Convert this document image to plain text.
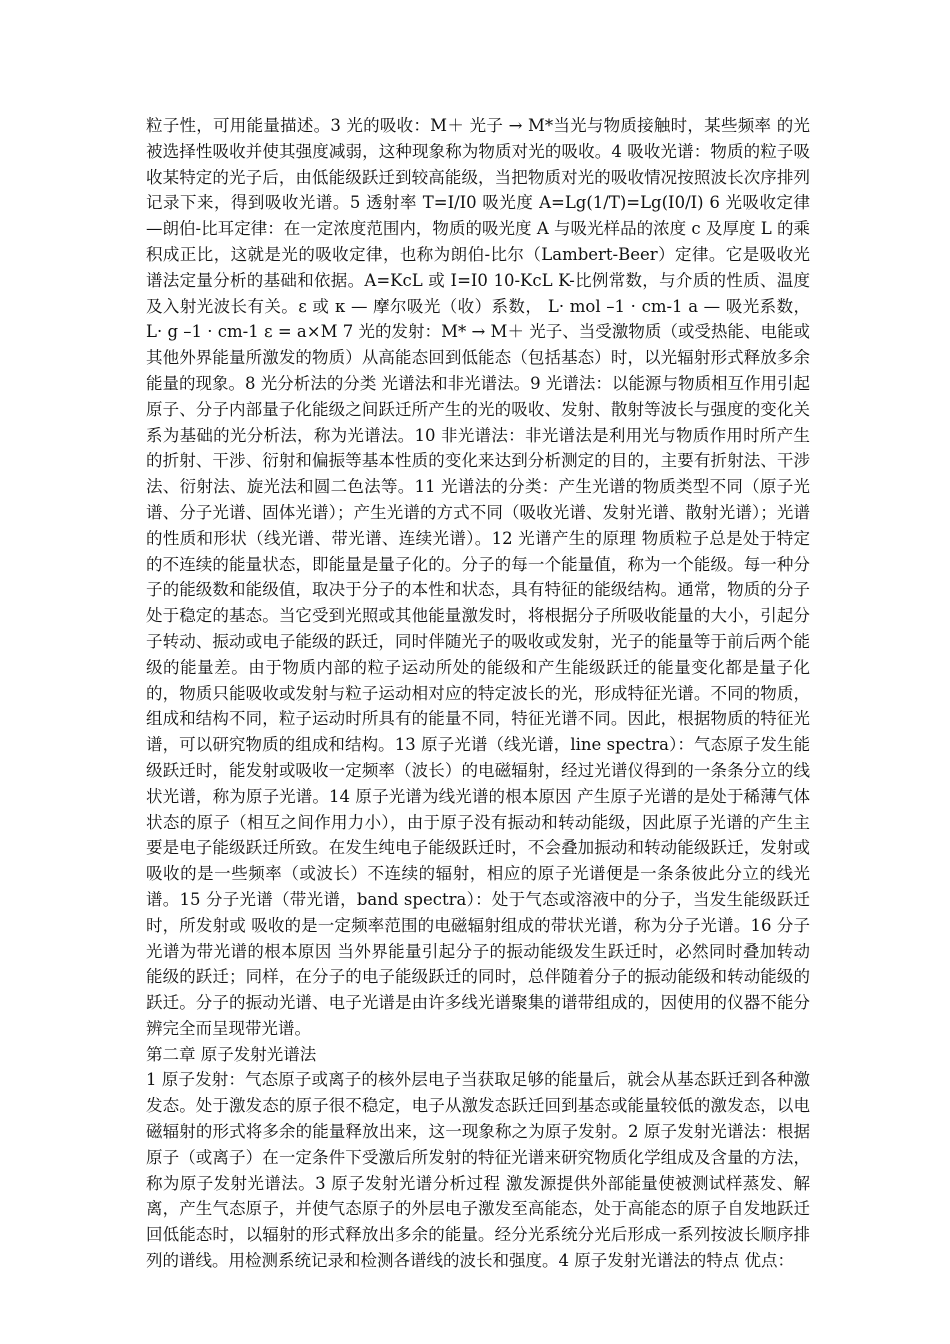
粒子性，可用能量描述。3 光的吸收：M＋ 光子 → M*当光与物质接触时，某些频率 的光被选择性吸收并使其强度减弱，这种现象称为物质对光的吸收。4 吸收光谱：物质的粒子吸收某特定的光子后，由低能级跃迁到较高能级，当把物质对光的吸收情况按照波长次序排列记录下来，得到吸收光谱。5 透射率 T=I/I0 吸光度 A=Lg(1/T)=Lg(I0/I) 6 光吸收定律—朗伯-比耳定律：在一定浓度范围内，物质的吸光度 A 与吸光样品的浓度 c 及厚度 L 的乘积成正比，这就是光的吸收定律，也称为朗伯-比尔（Lambert-Beer）定律。它是吸收光谱法定量分析的基础和依据。A=KcL 或 I=I0 10-KcL K-比例常数，与介质的性质、温度及入射光波长有关。ε 或 κ — 摩尔吸光（收）系数， L· mol –1 · cm-1 a — 吸光系数， L· g –1 · cm-1 ε = a×M 7 光的发射：M* → M＋ 光子、当受激物质（或受热能、电能或其他外界能量所激发的物质）从高能态回到低能态（包括基态）时，以光辐射形式释放多余能量的现象。8 光分析法的分类 光谱法和非光谱法。9 光谱法：以能源与物质相互作用引起原子、分子内部量子化能级之间跃迁所产生的光的吸收、发射、散射等波长与强度的变化关系为基础的光分析法，称为光谱法。10 非光谱法：非光谱法是利用光与物质作用时所产生的折射、干涉、衍射和偏振等基本性质的变化来达到分析测定的目的，主要有折射法、干涉法、衍射法、旋光法和圆二色法等。11 光谱法的分类：产生光谱的物质类型不同（原子光谱、分子光谱、固体光谱）；产生光谱的方式不同（吸收光谱、发射光谱、散射光谱）；光谱的性质和形状（线光谱、带光谱、连续光谱）。12 光谱产生的原理 物质粒子总是处于特定的不连续的能量状态，即能量是量子化的。分子的每一个能量值，称为一个能级。每一种分子的能级数和能级值，取决于分子的本性和状态，具有特征的能级结构。通常，物质的分子处于稳定的基态。当它受到光照或其他能量激发时，将根据分子所吸收能量的大小，引起分子转动、振动或电子能级的跃迁，同时伴随光子的吸收或发射，光子的能量等于前后两个能级的能量差。由于物质内部的粒子运动所处的能级和产生能级跃迁的能量变化都是量子化的，物质只能吸收或发射与粒子运动相对应的特定波长的光，形成特征光谱。不同的物质，组成和结构不同，粒子运动时所具有的能量不同，特征光谱不同。因此，根据物质的特征光谱，可以研究物质的组成和结构。13 原子光谱（线光谱，line spectra）：气态原子发生能级跃迁时，能发射或吸收一定频率（波长）的电磁辐射，经过光谱仪得到的一条条分立的线状光谱，称为原子光谱。14 原子光谱为线光谱的根本原因 产生原子光谱的是处于稀薄气体状态的原子（相互之间作用力小），由于原子没有振动和转动能级，因此原子光谱的产生主要是电子能级跃迁所致。在发生纯电子能级跃迁时，不会叠加振动和转动能级跃迁，发射或吸收的是一些频率（或波长）不连续的辐射，相应的原子光谱便是一条条彼此分立的线光谱。15 分子光谱（带光谱，band spectra）：处于气态或溶液中的分子，当发生能级跃迁时，所发射或 吸收的是一定频率范围的电磁辐射组成的带状光谱，称为分子光谱。16 分子光谱为带光谱的根本原因 当外界能量引起分子的振动能级发生跃迁时，必然同时叠加转动能级的跃迁；同样，在分子的电子能级跃迁的同时，总伴随着分子的振动能级和转动能级的跃迁。分子的振动光谱、电子光谱是由许多线光谱聚集的谱带组成的，因使用的仪器不能分辨完全而呈现带光谱。

第二章 原子发射光谱法

1 原子发射：气态原子或离子的核外层电子当获取足够的能量后，就会从基态跃迁到各种激发态。处于激发态的原子很不稳定，电子从激发态跃迁回到基态或能量较低的激发态，以电磁辐射的形式将多余的能量释放出来，这一现象称之为原子发射。2 原子发射光谱法：根据原子（或离子）在一定条件下受激后所发射的特征光谱来研究物质化学组成及含量的方法，称为原子发射光谱法。3 原子发射光谱分析过程 激发源提供外部能量使被测试样蒸发、解离，产生气态原子，并使气态原子的外层电子激发至高能态，处于高能态的原子自发地跃迁回低能态时，以辐射的形式释放出多余的能量。经分光系统分光后形成一系列按波长顺序排列的谱线。用检测系统记录和检测各谱线的波长和强度。4 原子发射光谱法的特点 优点：
